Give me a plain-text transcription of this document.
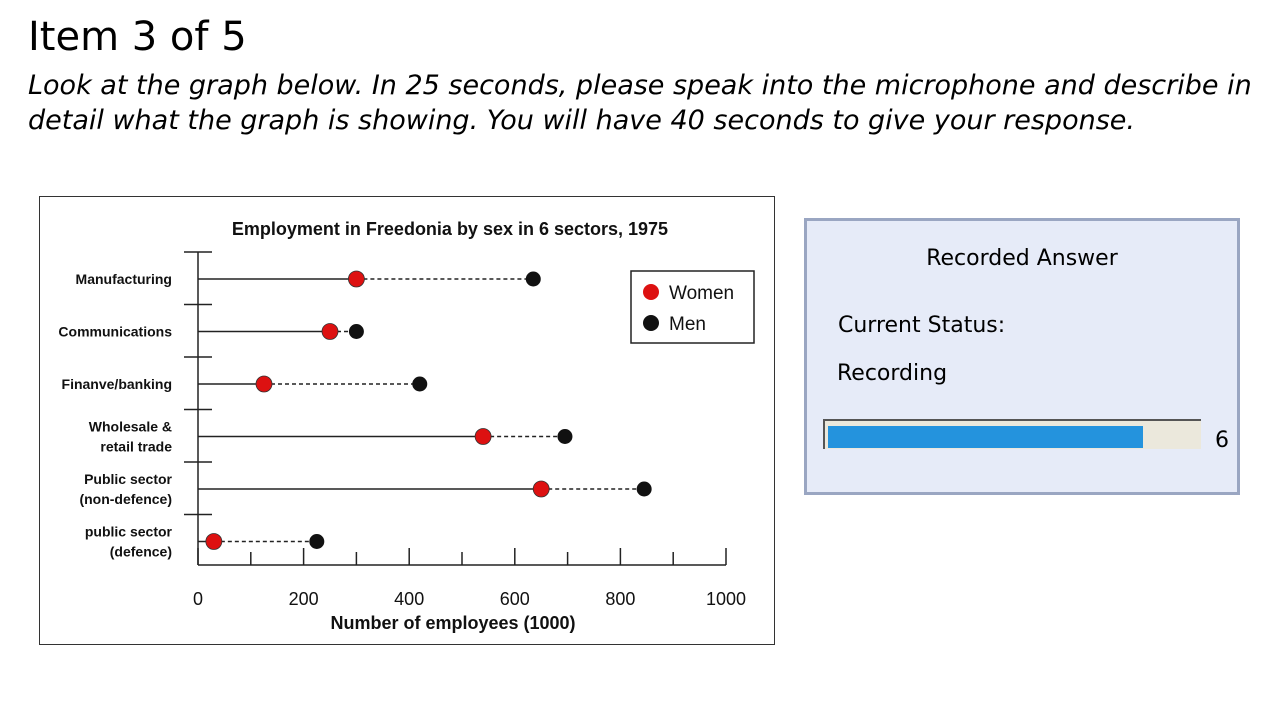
Item 3 of 5
Look at the graph below. In 25 seconds, please speak into the microphone and describe in detail what the graph is showing. You will have 40 seconds to give your response.
Employment in Freedonia by sex in 6 sectors, 1975
Number of employees (1000)
0	200	400	600	800	1000
Manufacturing
Communications
Finanve/banking
Wholesale &
retail trade
Public sector
(non-defence)
public sector
(defence)
Women
Men
Recorded Answer
Current Status:
Recording
6
